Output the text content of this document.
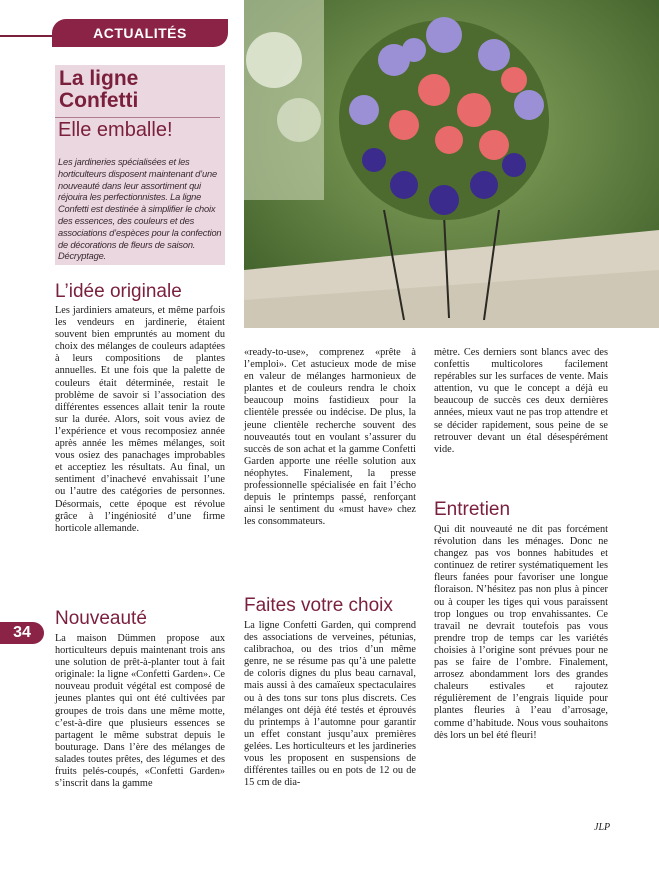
ACTUALITÉS
La ligne Confetti
Elle emballe!
Les jardineries spécialisées et les horticulteurs disposent maintenant d’une nouveauté dans leur assortiment qui réjouira les perfectionnistes. La ligne Confetti est destinée à simplifier le choix des essences, des couleurs et des associations d’espèces pour la confection de décorations de fleurs de saison. Décryptage.
L’idée originale

Les jardiniers amateurs, et même parfois les vendeurs en jardinerie, étaient souvent bien empruntés au moment du choix des mélanges de couleurs adaptées à leurs compositions de plantes annuelles. Et une fois que la palette de couleurs était déterminée, restait le problème de savoir si l’association des différentes essences allait tenir la route sur la durée. Alors, soit vous aviez de l’expérience et vous recomposiez année après année les mêmes mélanges, soit vous osiez des panachages improbables et acceptiez les résultats. Au final, un sentiment d’inachevé envahissait l’une ou l’autre des catégories de personnes. Désormais, cette époque est révolue grâce à l’ingéniosité d’une firme horticole allemande.

Nouveauté

La maison Dümmen propose aux horticulteurs depuis maintenant trois ans une solution de prêt-à-planter tout à fait originale: la ligne «Confetti Garden». Ce nouveau produit végétal est composé de jeunes plantes qui ont été cultivées par groupes de trois dans une même motte, c’est-à-dire que plusieurs essences se partagent le même substrat depuis le bouturage. Dans l’ère des mélanges de salades toutes prêtes, des légumes et des fruits pelés-coupés, «Confetti Garden» s’inscrit dans la gamme

34

«ready-to-use», comprenez «prête à l’emploi». Cet astucieux mode de mise en valeur de mélanges harmonieux de plantes et de couleurs rendra le choix beaucoup moins fastidieux pour la clientèle pressée ou indécise. De plus, la jeune clientèle recherche souvent des nouveautés tout en voulant s’assurer du succès de son achat et la gamme Confetti Garden apporte une réelle solution aux néophytes. Finalement, la presse professionnelle spécialisée en fait l’écho depuis le printemps passé, renforçant ainsi le sentiment du «must have» chez les consommateurs.

Faites votre choix

La ligne Confetti Garden, qui comprend des associations de verveines, pétunias, calibrachoa, ou des trios d’un même genre, ne se résume pas qu’à une palette de coloris dignes du plus beau carnaval, mais aussi à des camaïeux spectaculaires ou à des tons sur tons plus discrets. Ces mélanges ont déjà été testés et éprouvés du printemps à l’automne pour garantir un effet constant jusqu’aux premières gelées. Les horticulteurs et les jardineries vous les proposent en suspensions de différentes tailles ou en pots de 12 ou de 15 cm de dia-

mètre. Ces derniers sont blancs avec des confettis multicolores facilement repérables sur les surfaces de vente. Mais attention, vu que le concept a déjà eu beaucoup de succès ces deux dernières années, mieux vaut ne pas trop attendre et se décider rapidement, sous peine de se retrouver devant un étal désespérément vide.

Entretien

Qui dit nouveauté ne dit pas forcément révolution dans les ménages. Donc ne changez pas vos bonnes habitudes et continuez de retirer systématiquement les fleurs fanées pour favoriser une longue floraison. N’hésitez pas non plus à pincer ou à couper les tiges qui vous paraissent trop longues ou trop envahissantes. Ce travail ne devrait toutefois pas vous prendre trop de temps car les variétés choisies à l’origine sont prévues pour ne pas se faire de l’ombre. Finalement, arrosez abondamment lors des grandes chaleurs estivales et rajoutez régulièrement de l’engrais liquide pour plantes fleuries à l’eau d’arrosage, comme d’habitude. Nous vous souhaitons dès lors un bel été fleuri!

JLP
